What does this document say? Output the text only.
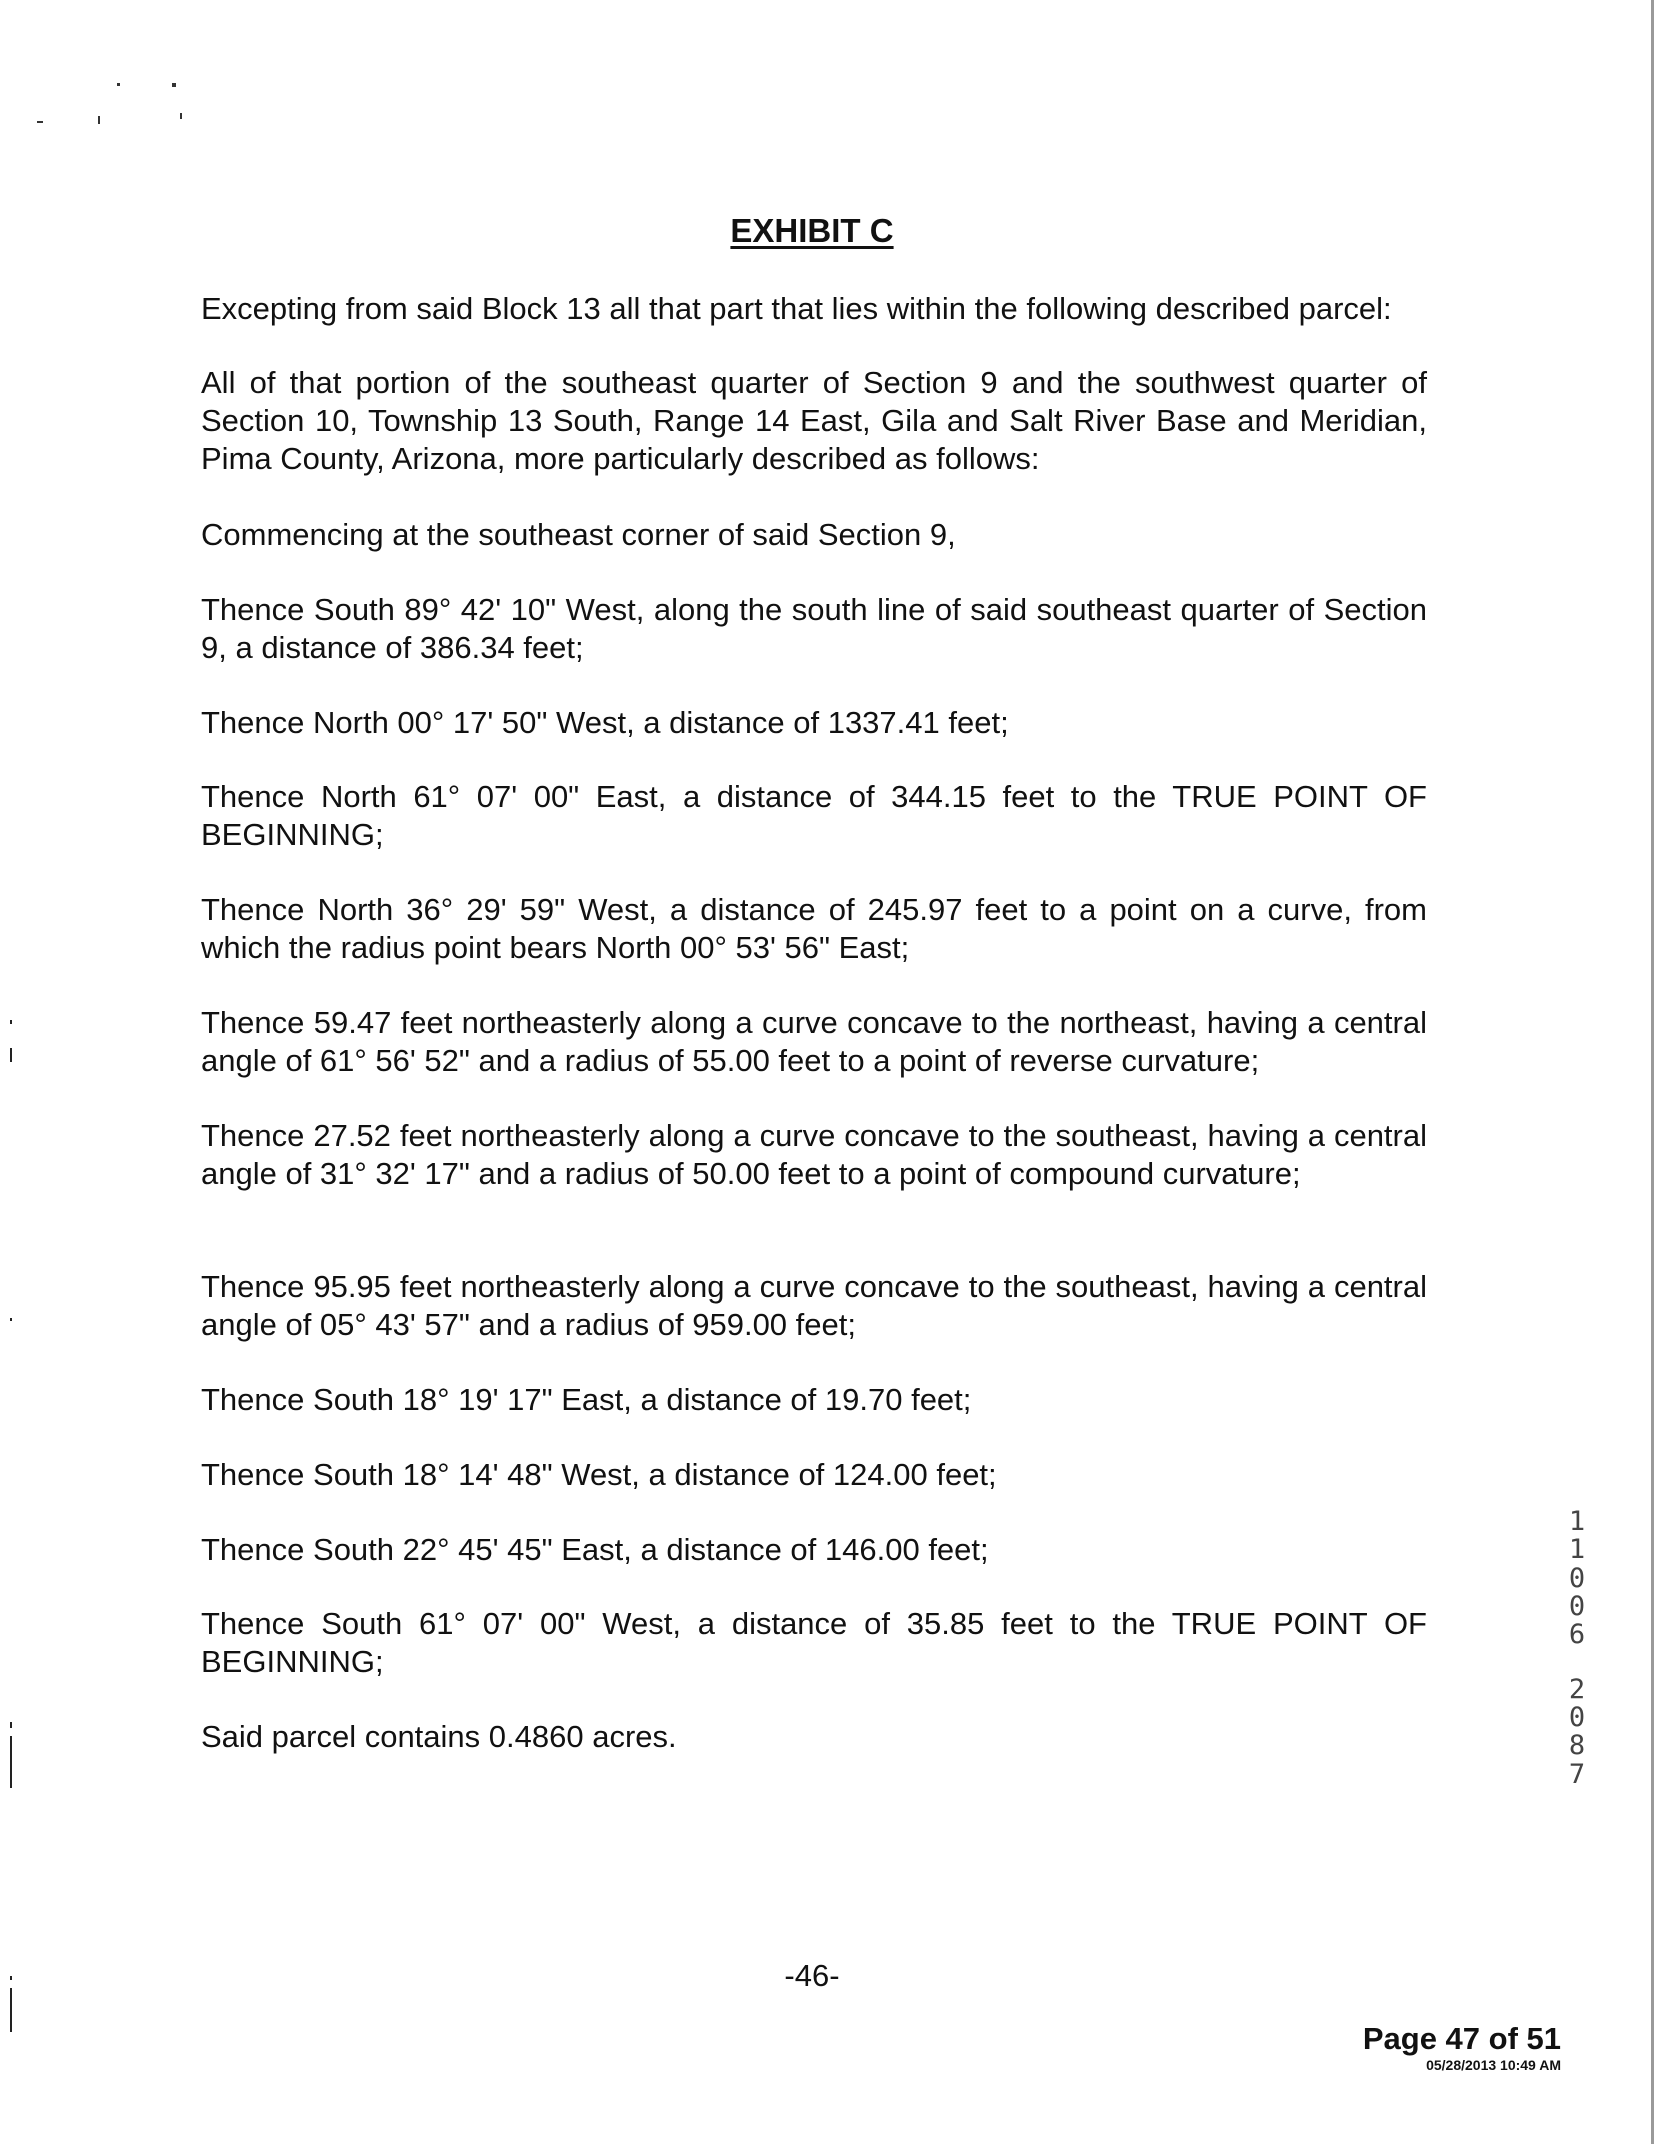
EXHIBIT C

Excepting from said Block 13 all that part that lies within the following described parcel:

All of that portion of the southeast quarter of Section 9 and the southwest quarter of Section 10, Township 13 South, Range 14 East, Gila and Salt River Base and Meridian, Pima County, Arizona, more particularly described as follows:

Commencing at the southeast corner of said Section 9,

Thence South 89° 42' 10" West, along the south line of said southeast quarter of Section 9, a distance of 386.34 feet;

Thence North 00° 17' 50" West, a distance of 1337.41 feet;

Thence North 61° 07' 00" East, a distance of 344.15 feet to the TRUE POINT OF BEGINNING;

Thence North 36° 29' 59" West, a distance of 245.97 feet to a point on a curve, from which the radius point bears North 00° 53' 56" East;

Thence 59.47 feet northeasterly along a curve concave to the northeast, having a central angle of 61° 56' 52" and a radius of 55.00 feet to a point of reverse curvature;

Thence 27.52 feet northeasterly along a curve concave to the southeast, having a central angle of 31° 32' 17" and a radius of 50.00 feet to a point of compound curvature;

Thence 95.95 feet northeasterly along a curve concave to the southeast, having a central angle of 05° 43' 57" and a radius of 959.00 feet;

Thence South 18° 19' 17" East, a distance of 19.70 feet;

Thence South 18° 14' 48" West, a distance of 124.00 feet;

Thence South 22° 45' 45" East, a distance of 146.00 feet;

Thence South 61° 07' 00" West, a distance of 35.85 feet to the TRUE POINT OF BEGINNING;

Said parcel contains 0.4860 acres.

1
1
0
0
6
2
0
8
7
-46-
Page 47 of 51
05/28/2013 10:49 AM
